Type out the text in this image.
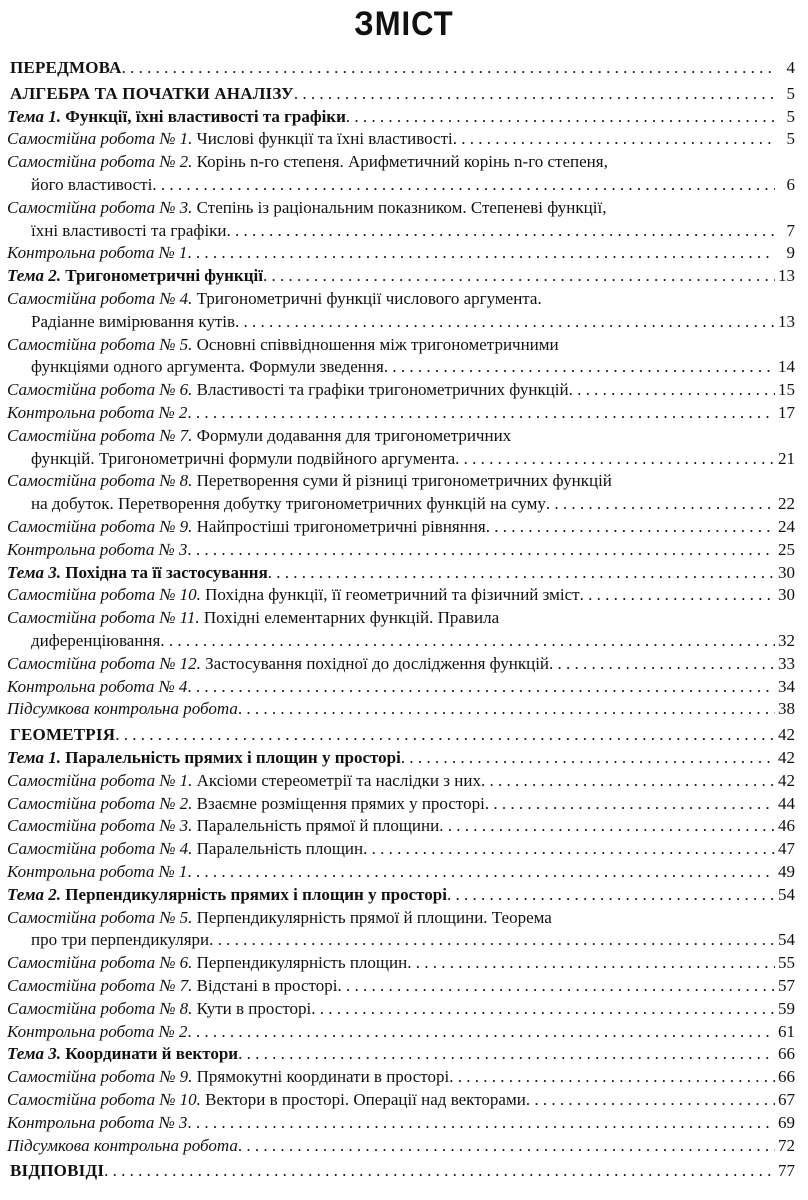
ЗМІСТ
ПЕРЕДМОВА . . .	4
АЛГЕБРА ТА ПОЧАТКИ АНАЛІЗУ . . .	5
Тема 1. Функції, їхні властивості та графіки . . .	5
Самостійна робота № 1. Числові функції та їхні властивості . . .	5
Самостійна робота № 2. Корінь n-го степеня. Арифметичний корінь n-го степеня,
його властивості . . .	6
Самостійна робота № 3. Степінь із раціональним показником. Степеневі функції,
їхні властивості та графіки . . .	7
Контрольна робота № 1 . . .	9
Тема 2. Тригонометричні функції . . .	13
Самостійна робота № 4. Тригонометричні функції числового аргумента.
Радіанне вимірювання кутів . . .	13
Самостійна робота № 5. Основні співвідношення між тригонометричними
функціями одного аргумента. Формули зведення . . .	14
Самостійна робота № 6. Властивості та графіки тригонометричних функцій . . .	15
Контрольна робота № 2 . . .	17
Самостійна робота № 7. Формули додавання для тригонометричних
функцій. Тригонометричні формули подвійного аргумента . . .	21
Самостійна робота № 8. Перетворення суми й різниці тригонометричних функцій
на добуток. Перетворення добутку тригонометричних функцій на суму . . .	22
Самостійна робота № 9. Найпростіші тригонометричні рівняння . . .	24
Контрольна робота № 3 . . .	25
Тема 3. Похідна та її застосування . . .	30
Самостійна робота № 10. Похідна функції, її геометричний та фізичний зміст . . .	30
Самостійна робота № 11. Похідні елементарних функцій. Правила
диференціювання . . .	32
Самостійна робота № 12. Застосування похідної до дослідження функцій . . .	33
Контрольна робота № 4 . . .	34
Підсумкова контрольна робота . . .	38
ГЕОМЕТРІЯ . . .	42
Тема 1. Паралельність прямих і площин у просторі . . .	42
Самостійна робота № 1. Аксіоми стереометрії та наслідки з них . . .	42
Самостійна робота № 2. Взаємне розміщення прямих у просторі . . .	44
Самостійна робота № 3. Паралельність прямої й площини . . .	46
Самостійна робота № 4. Паралельність площин . . .	47
Контрольна робота № 1 . . .	49
Тема 2. Перпендикулярність прямих і площин у просторі . . .	54
Самостійна робота № 5. Перпендикулярність прямої й площини. Теорема
про три перпендикуляри . . .	54
Самостійна робота № 6. Перпендикулярність площин . . .	55
Самостійна робота № 7. Відстані в просторі . . .	57
Самостійна робота № 8. Кути в просторі . . .	59
Контрольна робота № 2 . . .	61
Тема 3. Координати й вектори . . .	66
Самостійна робота № 9. Прямокутні координати в просторі . . .	66
Самостійна робота № 10. Вектори в просторі. Операції над векторами . . .	67
Контрольна робота № 3 . . .	69
Підсумкова контрольна робота . . .	72
ВІДПОВІДІ . . .	77
